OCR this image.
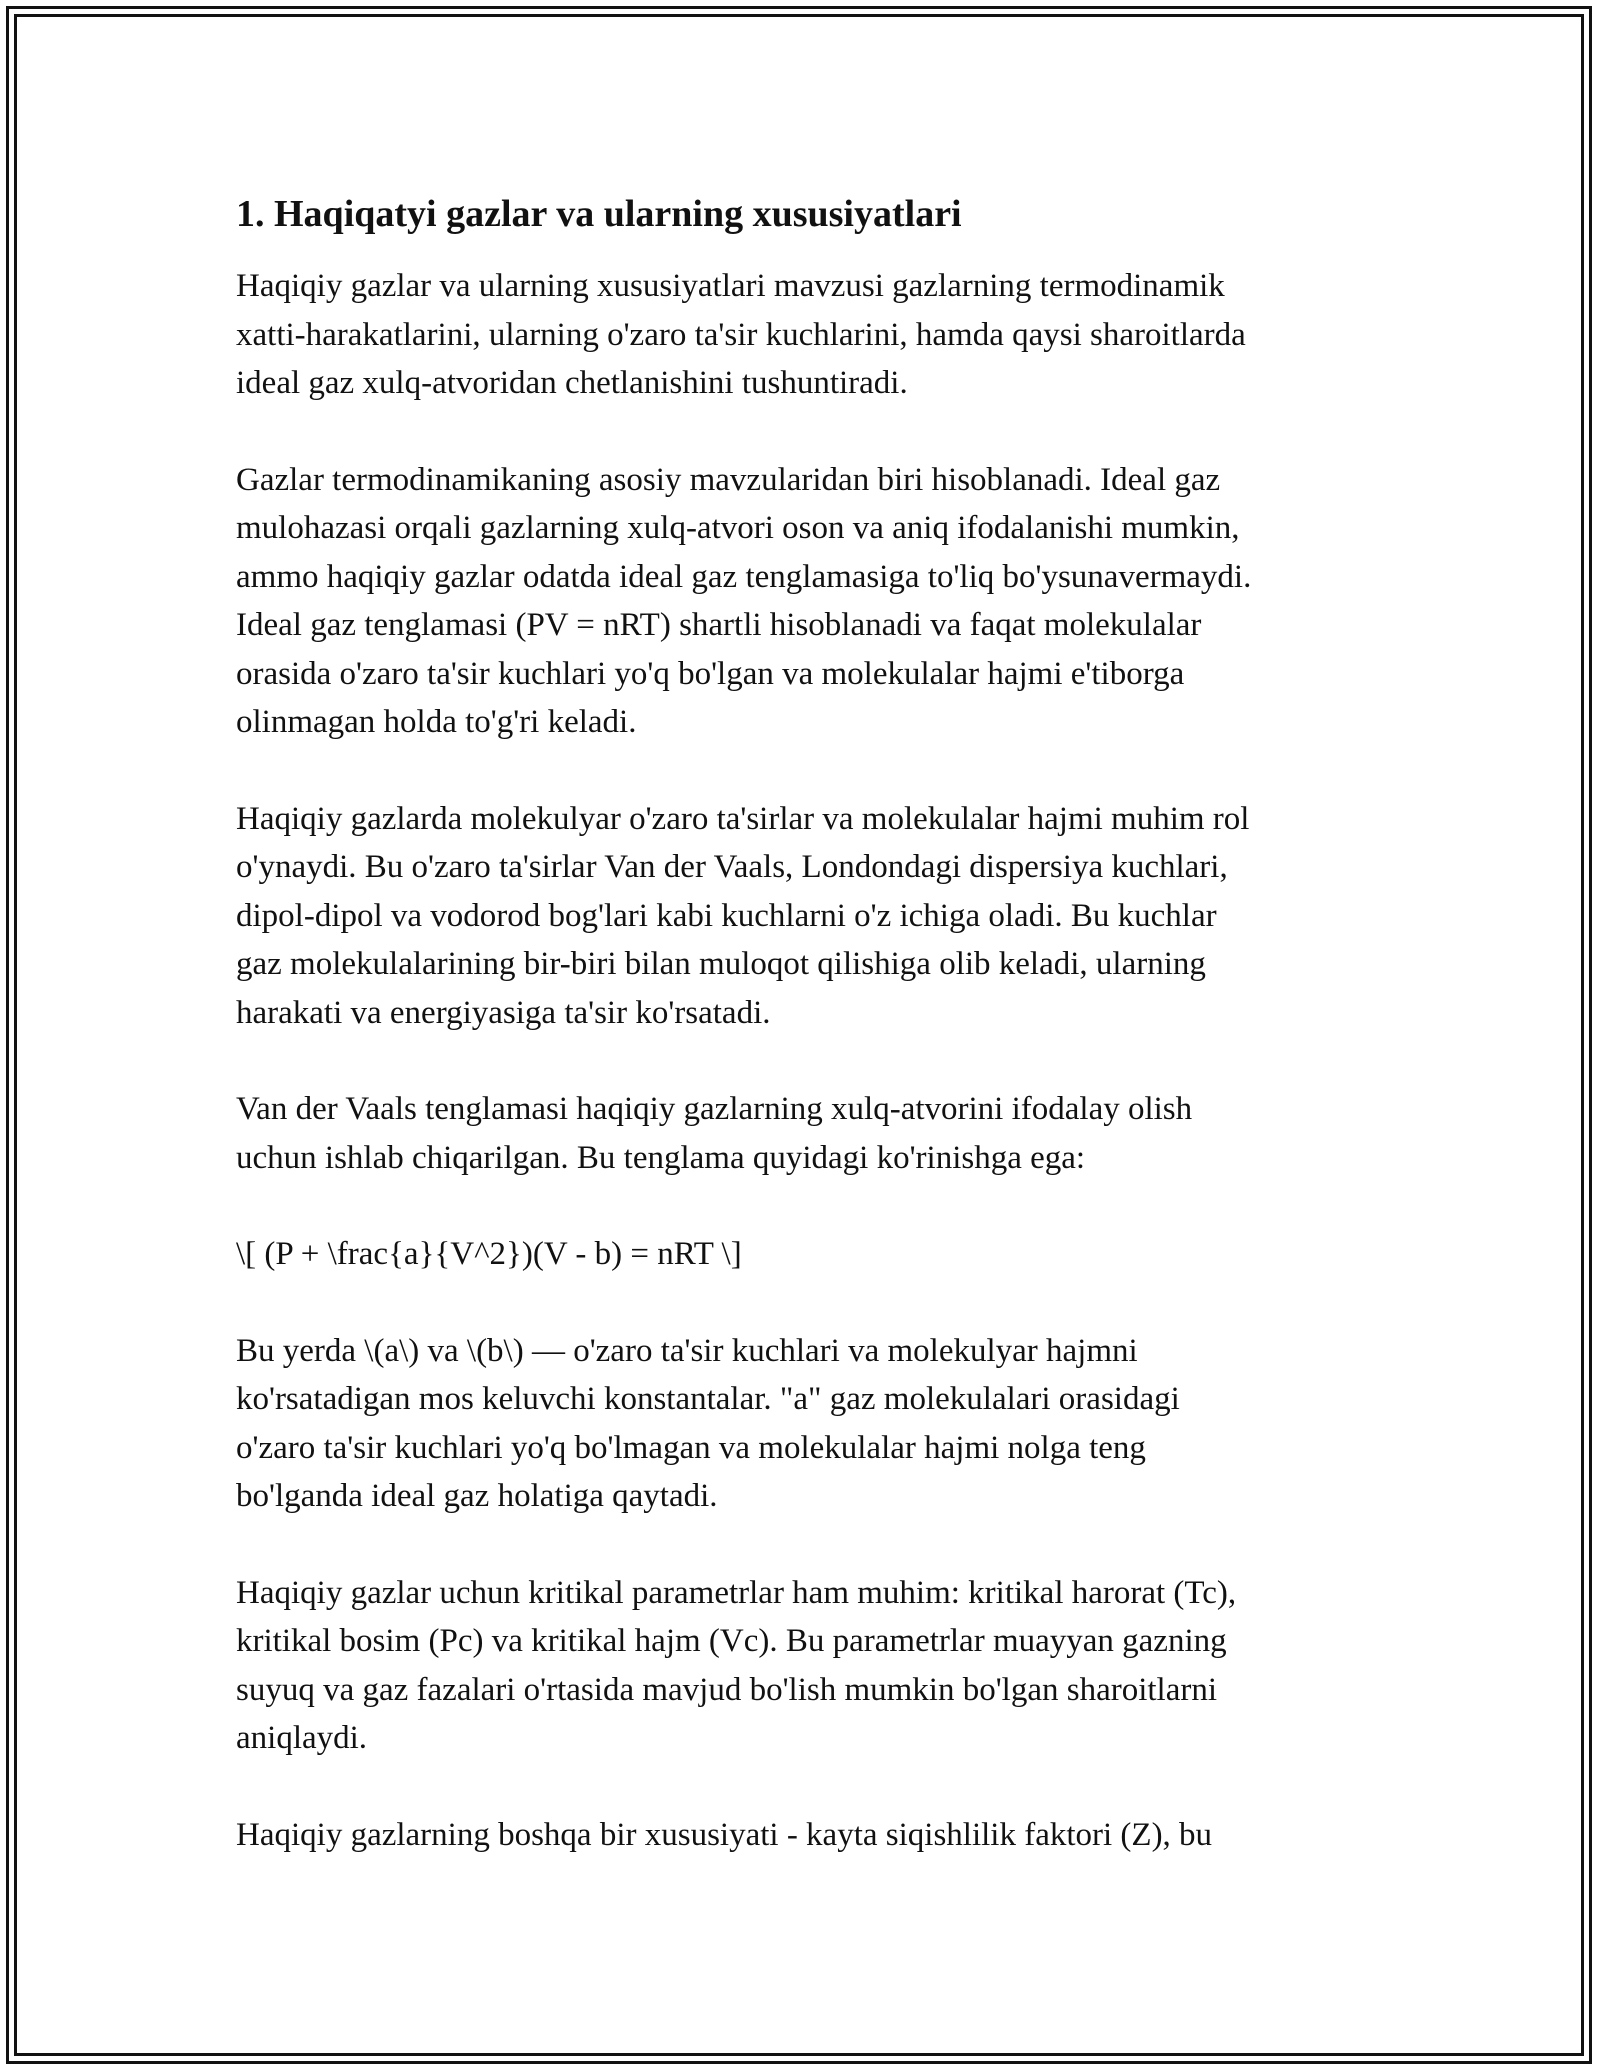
1. Haqiqatyi gazlar va ularning xususiyatlari

Haqiqiy gazlar va ularning xususiyatlari mavzusi gazlarning termodinamik
xatti-harakatlarini, ularning o'zaro ta'sir kuchlarini, hamda qaysi sharoitlarda
ideal gaz xulq-atvoridan chetlanishini tushuntiradi.

Gazlar termodinamikaning asosiy mavzularidan biri hisoblanadi. Ideal gaz
mulohazasi orqali gazlarning xulq-atvori oson va aniq ifodalanishi mumkin,
ammo haqiqiy gazlar odatda ideal gaz tenglamasiga to'liq bo'ysunavermaydi.
Ideal gaz tenglamasi (PV = nRT) shartli hisoblanadi va faqat molekulalar
orasida o'zaro ta'sir kuchlari yo'q bo'lgan va molekulalar hajmi e'tiborga
olinmagan holda to'g'ri keladi.

Haqiqiy gazlarda molekulyar o'zaro ta'sirlar va molekulalar hajmi muhim rol
o'ynaydi. Bu o'zaro ta'sirlar Van der Vaals, Londondagi dispersiya kuchlari,
dipol-dipol va vodorod bog'lari kabi kuchlarni o'z ichiga oladi. Bu kuchlar
gaz molekulalarining bir-biri bilan muloqot qilishiga olib keladi, ularning
harakati va energiyasiga ta'sir ko'rsatadi.

Van der Vaals tenglamasi haqiqiy gazlarning xulq-atvorini ifodalay olish
uchun ishlab chiqarilgan. Bu tenglama quyidagi ko'rinishga ega:

\[ (P + \frac{a}{V^2})(V - b) = nRT \]

Bu yerda \(a\) va \(b\) — o'zaro ta'sir kuchlari va molekulyar hajmni
ko'rsatadigan mos keluvchi konstantalar. "a" gaz molekulalari orasidagi
o'zaro ta'sir kuchlari yo'q bo'lmagan va molekulalar hajmi nolga teng
bo'lganda ideal gaz holatiga qaytadi.

Haqiqiy gazlar uchun kritikal parametrlar ham muhim: kritikal harorat (Tc),
kritikal bosim (Pc) va kritikal hajm (Vc). Bu parametrlar muayyan gazning
suyuq va gaz fazalari o'rtasida mavjud bo'lish mumkin bo'lgan sharoitlarni
aniqlaydi.

Haqiqiy gazlarning boshqa bir xususiyati - kayta siqishlilik faktori (Z), bu
